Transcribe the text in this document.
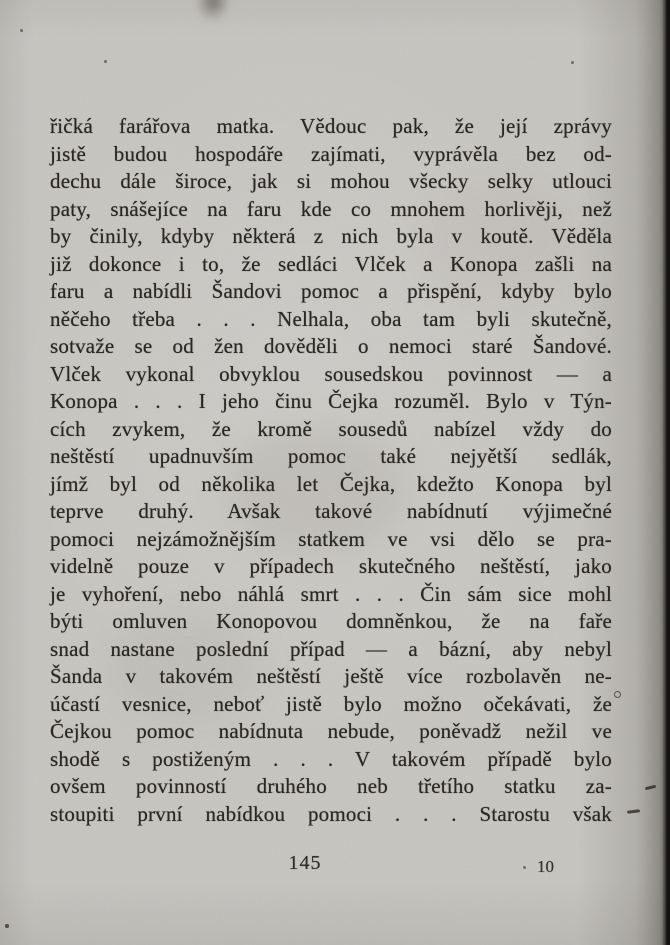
řičká farářova matka. Vědouc pak, že její zprávy
jistě budou hospodáře zajímati, vyprávěla bez od-
dechu dále široce, jak si mohou všecky selky utlouci
paty, snášejíce na faru kde co mnohem horlivěji, než
by činily, kdyby některá z nich byla v koutě. Věděla
již dokonce i to, že sedláci Vlček a Konopa zašli na
faru a nabídli Šandovi pomoc a přispění, kdyby bylo
něčeho třeba . . . Nelhala, oba tam byli skutečně,
sotvaže se od žen dověděli o nemoci staré Šandové.
Vlček vykonal obvyklou sousedskou povinnost — a
Konopa . . . I jeho činu Čejka rozuměl. Bylo v Týn-
cích zvykem, že kromě sousedů nabízel vždy do
neštěstí upadnuvším pomoc také nejyětší sedlák,
jímž byl od několika let Čejka, kdežto Konopa byl
teprve druhý. Avšak takové nabídnutí výjimečné
pomoci nejzámožnějším statkem ve vsi dělo se pra-
videlně pouze v případech skutečného neštěstí, jako
je vyhoření, nebo náhlá smrt . . . Čin sám sice mohl
býti omluven Konopovou domněnkou, že na faře
snad nastane poslední případ — a bázní, aby nebyl
Šanda v takovém neštěstí ještě více rozbolavěn ne-
účastí vesnice, neboť jistě bylo možno očekávati, že
Čejkou pomoc nabídnuta nebude, poněvadž nežil ve
shodě s postiženým . . . V takovém případě bylo
ovšem povinností druhého neb třetího statku za-
stoupiti první nabídkou pomoci . . . Starostu však
145	10
